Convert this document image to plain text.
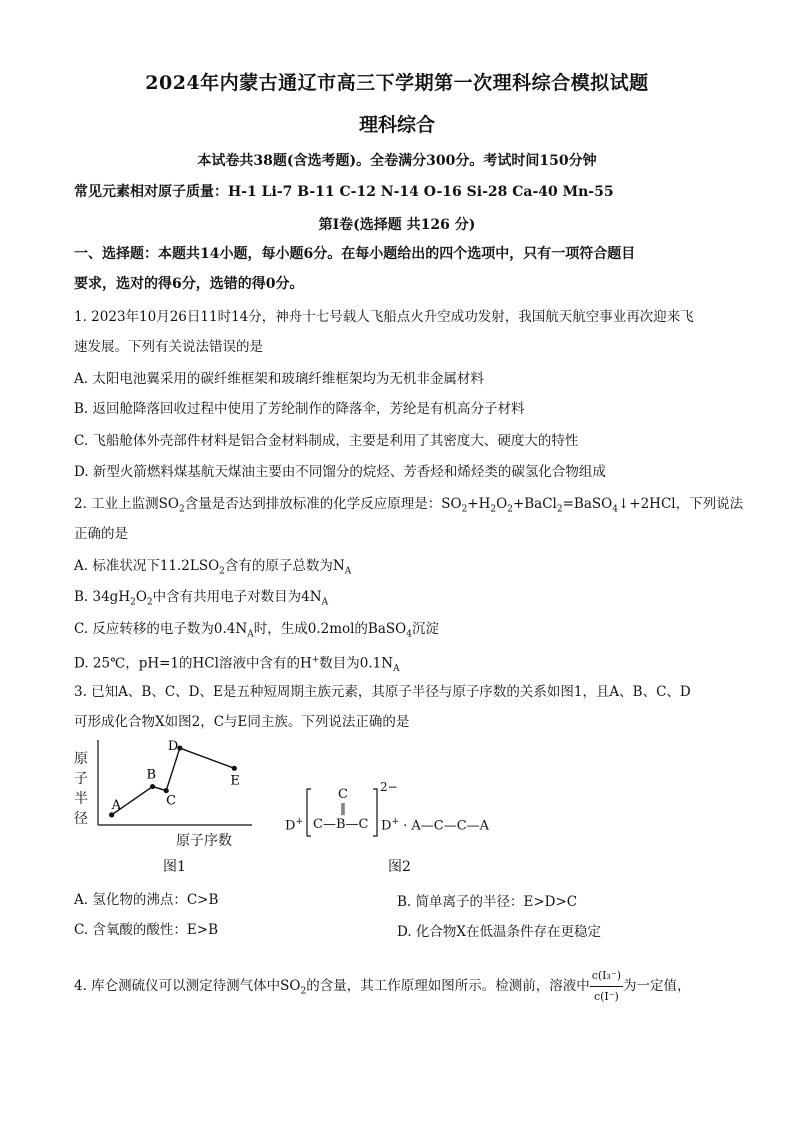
2024年内蒙古通辽市高三下学期第一次理科综合模拟试题
理科综合
本试卷共38题(含选考题)。全卷满分300分。考试时间150分钟
常见元素相对原子质量：H-1 Li-7 B-11 C-12 N-14 O-16 Si-28 Ca-40 Mn-55
第Ⅰ卷(选择题 共126 分)
一、选择题：本题共14小题，每小题6分。在每小题给出的四个选项中，只有一项符合题目
要求，选对的得6分，选错的得0分。
1. 2023年10月26日11时14分，神舟十七号载人飞船点火升空成功发射，我国航天航空事业再次迎来飞
速发展。下列有关说法错误的是
A. 太阳电池翼采用的碳纤维框架和玻璃纤维框架均为无机非金属材料
B. 返回舱降落回收过程中使用了芳纶制作的降落伞，芳纶是有机高分子材料
C. 飞船舱体外壳部件材料是铝合金材料制成，主要是利用了其密度大、硬度大的特性
D. 新型火箭燃料煤基航天煤油主要由不同馏分的烷烃、芳香烃和烯烃类的碳氢化合物组成
2. 工业上监测$SO_2$含量是否达到排放标准的化学反应原理是：$SO_2+H_2O_2+BaCl_2=BaSO_4↓+2HCl$，下列说法
正确的是
A. 标准状况下$11.2LSO_2$含有的原子总数为$N_A$
B. $34gH_2O_2$中含有共用电子对数目为$4N_A$
C. 反应转移的电子数为$0.4N_A$时，生成0.2mol的BaSO$_4$沉淀
D. 25℃，pH=1的HCl溶液中含有的H+数目为$0.1N_A$
3. 已知A、B、C、D、E是五种短周期主族元素，其原子半径与原子序数的关系如图1，且A、B、C、D
可形成化合物X如图2，C与E同主族。下列说法正确的是
原
子
半
径
A
B
C
D
E
原子序数
图1
D+
C
‖
C—B—C
2−
D+ · A—C—C—A
图2
A. 氢化物的沸点：C>B	B. 简单离子的半径：E>D>C
C. 含氧酸的酸性：E>B	D. 化合物X在低温条件存在更稳定
4. 库仑测硫仪可以测定待测气体中$SO_2$的含量，其工作原理如图所示。检测前，溶液中 $\frac{\text{c(I₃⁻)}}{c(I^-)}$ 为一定值，
